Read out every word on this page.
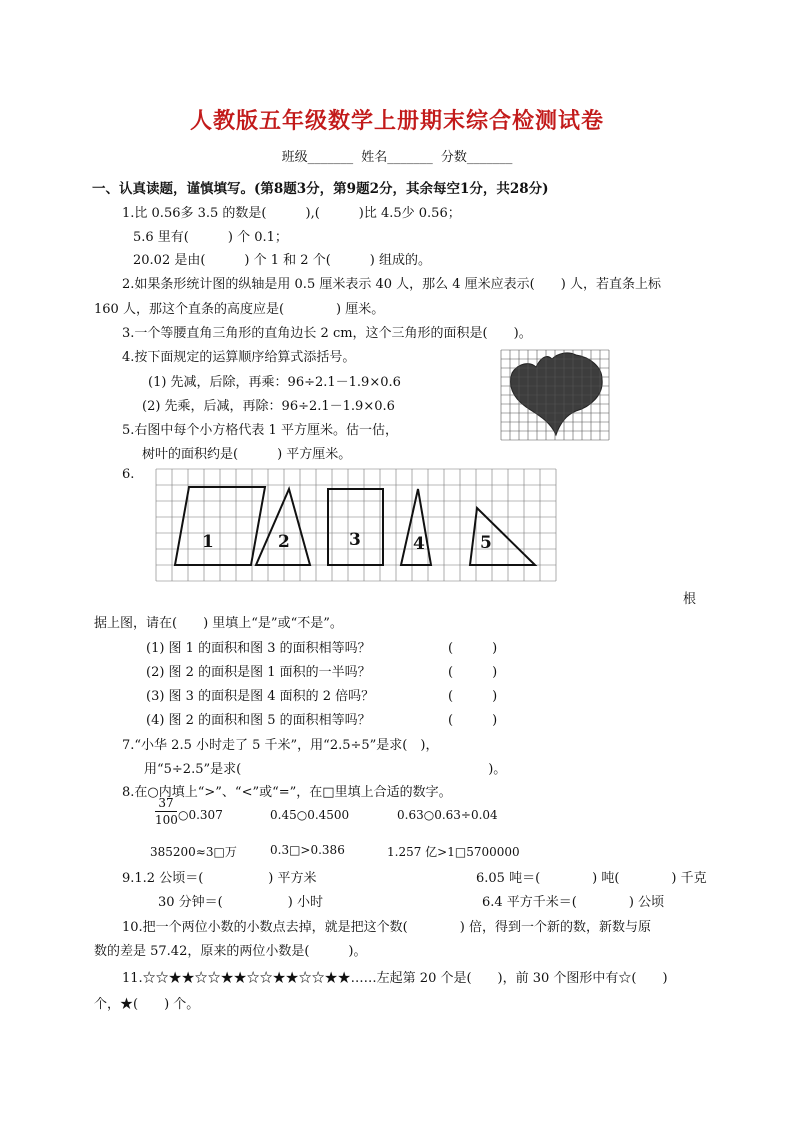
人教版五年级数学上册期末综合检测试卷
班级_______ 姓名_______ 分数_______
一、认真读题，谨慎填写。(第8题3分，第9题2分，其余每空1分，共28分)
1.比 0.56多 3.5 的数是(　　　),(　　　)比 4.5少 0.56；
5.6 里有(　　　) 个 0.1；
20.02 是由(　　　) 个 1 和 2 个(　　　) 组成的。
2.如果条形统计图的纵轴是用 0.5 厘米表示 40 人，那么 4 厘米应表示(　　) 人，若直条上标
160 人，那这个直条的高度应是(　　　　) 厘米。
3.一个等腰直角三角形的直角边长 2 cm，这个三角形的面积是(　　)。
4.按下面规定的运算顺序给算式添括号。
(1) 先减，后除，再乘：96÷2.1－1.9×0.6
(2) 先乘，后减，再除：96÷2.1－1.9×0.6
5.右图中每个小方格代表 1 平方厘米。估一估，
树叶的面积约是(　　　) 平方厘米。
6.
1	2	3	4	5
根
据上图，请在(　　) 里填上“是”或“不是”。
(1) 图 1 的面积和图 3 的面积相等吗？	(　　　)
(2) 图 2 的面积是图 1 面积的一半吗？	(　　　)
(3) 图 3 的面积是图 4 面积的 2 倍吗？	(　　　)
(4) 图 2 的面积和图 5 的面积相等吗？	(　　　)
7.“小华 2.5 小时走了 5 千米”，用“2.5÷5”是求(　)，
用“5÷2.5”是求(　　　　　　　　　　　　　　　　　　　)。
8.在○内填上“>”、“<”或“=”，在□里填上合适的数字。
$\frac{37}{100}$ ○0.307	0.45○0.4500	0.63○0.63÷0.04
385200≈3□万	0.3□>0.386	1.257 亿>1□5700000
9.1.2 公顷＝(　　　　　) 平方米	6.05 吨＝(　　　　) 吨(　　　　) 千克
30 分钟＝(　　　　　) 小时	6.4 平方千米＝(　　　　) 公顷
10.把一个两位小数的小数点去掉，就是把这个数(　　　　) 倍，得到一个新的数，新数与原
数的差是 57.42，原来的两位小数是(　　　)。
11.☆☆★★☆☆★★☆☆★★☆☆★★……左起第 20 个是(　　)，前 30 个图形中有☆(　　)
个，★(　　) 个。
